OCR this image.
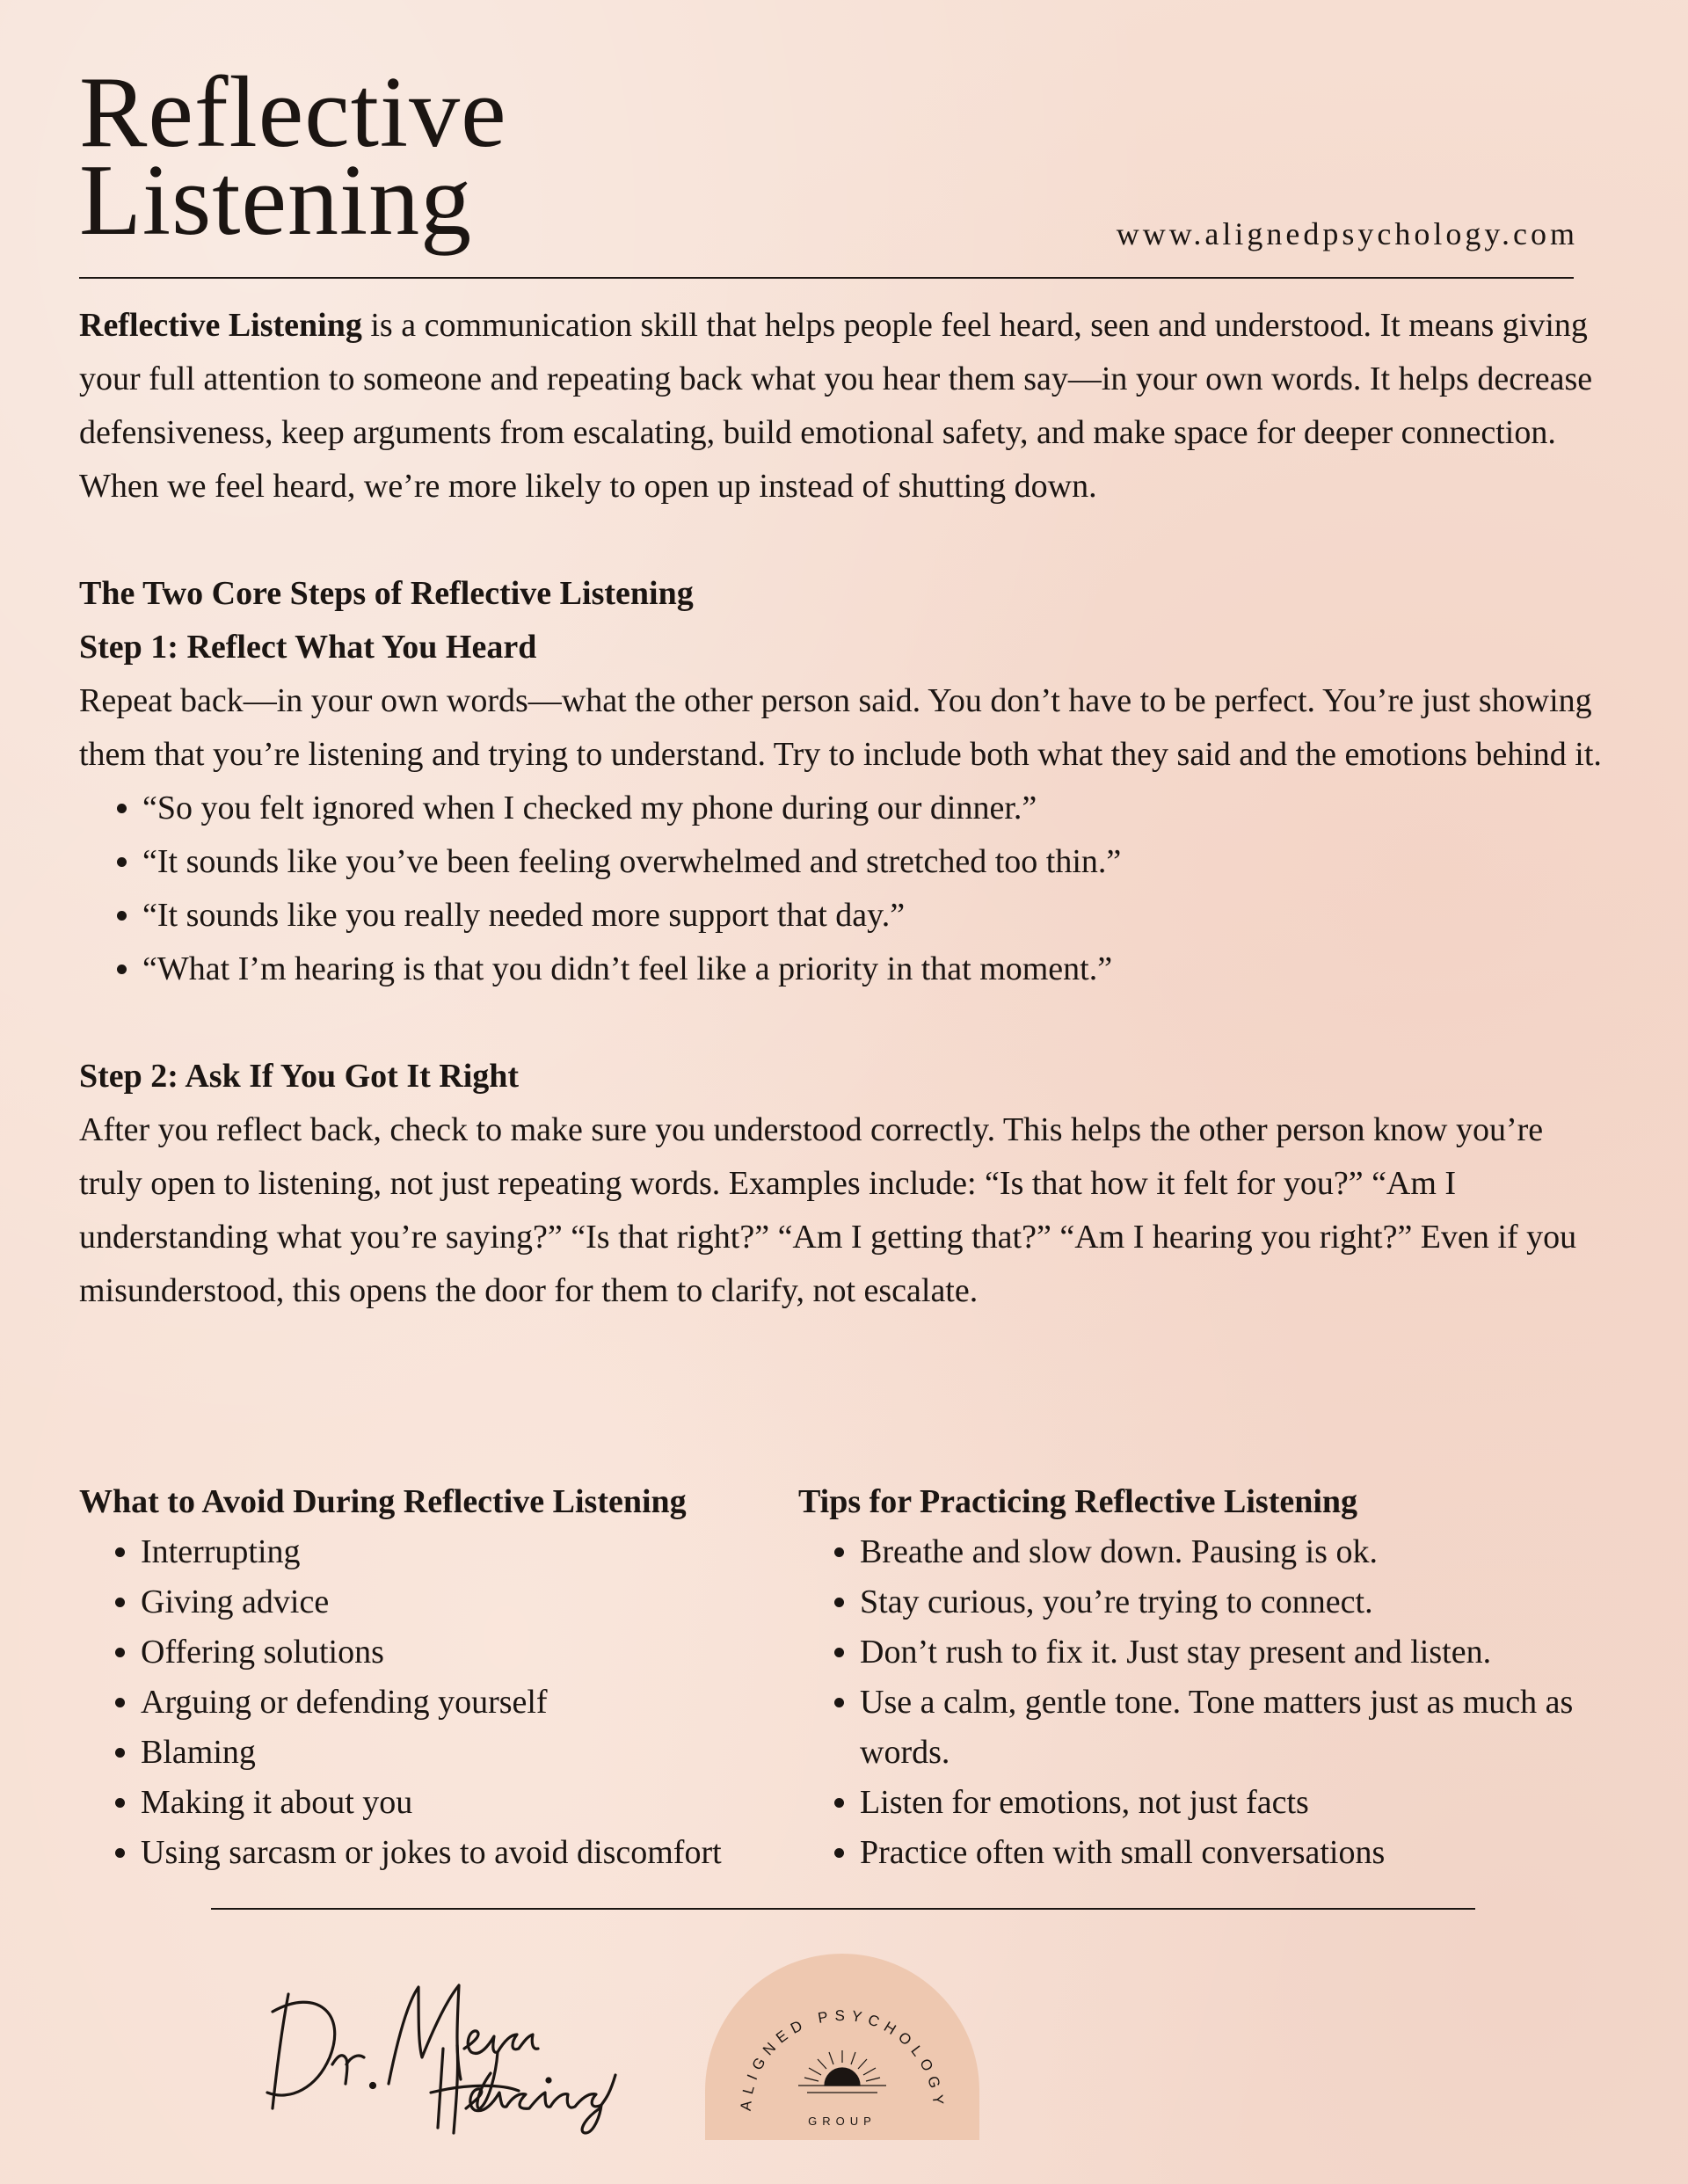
Reflective
Listening	www.alignedpsychology.com

Reflective Listening is a communication skill that helps people feel heard, seen and understood. It means giving your full attention to someone and repeating back what you hear them say—in your own words. It helps decrease defensiveness, keep arguments from escalating, build emotional safety, and make space for deeper connection. When we feel heard, we’re more likely to open up instead of shutting down.

The Two Core Steps of Reflective Listening
Step 1: Reflect What You Heard

Repeat back—in your own words—what the other person said. You don’t have to be perfect. You’re just showing them that you’re listening and trying to understand. Try to include both what they said and the emotions behind it.

• “So you felt ignored when I checked my phone during our dinner.”
• “It sounds like you’ve been feeling overwhelmed and stretched too thin.”
• “It sounds like you really needed more support that day.”
• “What I’m hearing is that you didn’t feel like a priority in that moment.”
Step 2: Ask If You Got It Right

After you reflect back, check to make sure you understood correctly. This helps the other person know you’re truly open to listening, not just repeating words. Examples include: “Is that how it felt for you?” “Am I understanding what you’re saying?” “Is that right?” “Am I getting that?” “Am I hearing you right?” Even if you misunderstood, this opens the door for them to clarify, not escalate.

What to Avoid During Reflective Listening
• Interrupting
• Giving advice
• Offering solutions
• Arguing or defending yourself
• Blaming
• Making it about you
• Using sarcasm or jokes to avoid discomfort
Tips for Practicing Reflective Listening
• Breathe and slow down. Pausing is ok.
• Stay curious, you’re trying to connect.
• Don’t rush to fix it. Just stay present and listen.
• Use a calm, gentle tone. Tone matters just as much as words.
• Listen for emotions, not just facts
• Practice often with small conversations
ALIGNED PSYCHOLOGY
GROUP
